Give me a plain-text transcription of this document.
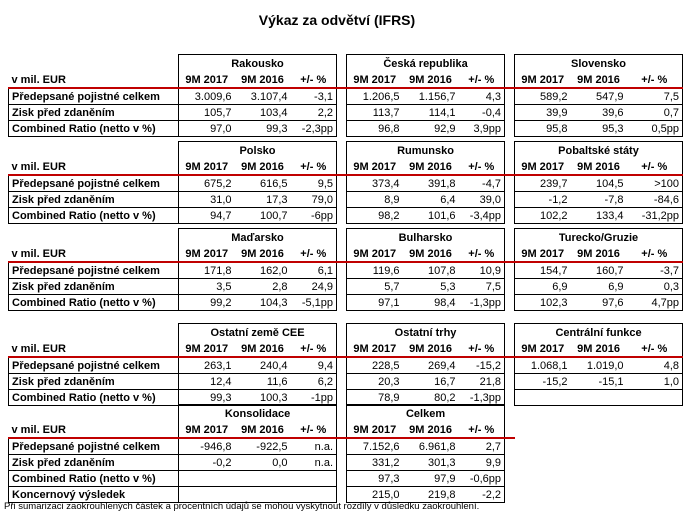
Výkaz za odvětví (IFRS)
	Rakousko				Česká republika				Slovensko		
v mil. EUR	9M 2017	9M 2016	+/- %		9M 2017	9M 2016	+/- %		9M 2017	9M 2016	+/- %
Předepsané pojistné celkem	3.009,6	3.107,4	-3,1		1.206,5	1.156,7	4,3		589,2	547,9	7,5
Zisk před zdaněním	105,7	103,4	2,2		113,7	114,1	-0,4		39,9	39,6	0,7
Combined Ratio (netto v %)	97,0	99,3	-2,3pp		96,8	92,9	3,9pp		95,8	95,3	0,5pp
	Polsko				Rumunsko				Pobaltské státy		
v mil. EUR	9M 2017	9M 2016	+/- %		9M 2017	9M 2016	+/- %		9M 2017	9M 2016	+/- %
Předepsané pojistné celkem	675,2	616,5	9,5		373,4	391,8	-4,7		239,7	104,5	>100
Zisk před zdaněním	31,0	17,3	79,0		8,9	6,4	39,0		-1,2	-7,8	-84,6
Combined Ratio (netto v %)	94,7	100,7	-6pp		98,2	101,6	-3,4pp		102,2	133,4	-31,2pp
	Maďarsko				Bulharsko				Turecko/Gruzie		
v mil. EUR	9M 2017	9M 2016	+/- %		9M 2017	9M 2016	+/- %		9M 2017	9M 2016	+/- %
Předepsané pojistné celkem	171,8	162,0	6,1		119,6	107,8	10,9		154,7	160,7	-3,7
Zisk před zdaněním	3,5	2,8	24,9		5,7	5,3	7,5		6,9	6,9	0,3
Combined Ratio (netto v %)	99,2	104,3	-5,1pp		97,1	98,4	-1,3pp		102,3	97,6	4,7pp
	Ostatní země CEE				Ostatní trhy				Centrální funkce		
v mil. EUR	9M 2017	9M 2016	+/- %		9M 2017	9M 2016	+/- %		9M 2017	9M 2016	+/- %
Předepsané pojistné celkem	263,1	240,4	9,4		228,5	269,4	-15,2		1.068,1	1.019,0	4,8
Zisk před zdaněním	12,4	11,6	6,2		20,3	16,7	21,8		-15,2	-15,1	1,0
Combined Ratio (netto v %)	99,3	100,3	-1pp		78,9	80,2	-1,3pp				
	Konsolidace				Celkem						
v mil. EUR	9M 2017	9M 2016	+/- %		9M 2017	9M 2016	+/- %				
Předepsané pojistné celkem	-946,8	-922,5	n.a.		7.152,6	6.961,8	2,7				
Zisk před zdaněním	-0,2	0,0	n.a.		331,2	301,3	9,9				
Combined Ratio (netto v %)					97,3	97,9	-0,6pp				
Koncernový výsledek					215,0	219,8	-2,2				
Při sumarizaci zaokrouhlených částek a procentních údajů se mohou vyskytnout rozdíly v důsledku zaokrouhlení.
